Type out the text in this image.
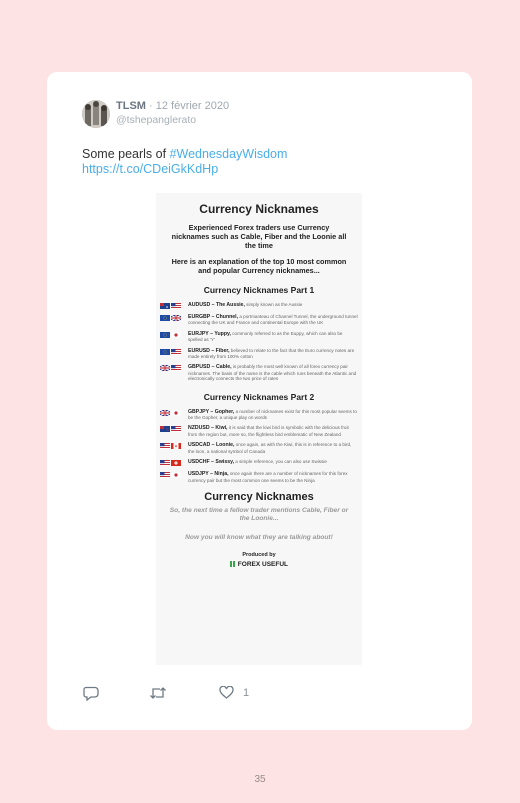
TLSM · 12 février 2020
@tshepanglerato
Some pearls of #WednesdayWisdom
https://t.co/CDeiGkKdHp
Currency Nicknames
Experienced Forex traders use Currency nicknames such as Cable, Fiber and the Loonie all the time
Here is an explanation of the top 10 most common and popular Currency nicknames...
Currency Nicknames Part 1
AUDUSD – The Aussie, simply known as the Aussie
EURGBP – Chunnel, a portmanteau of Channel Tunnel, the underground tunnel connecting the UK and France and continental Europe with the UK
EURJPY – Yuppy, commonly referred to as the Euppy, which can also be spelled as 'Y'
EURUSD – Fiber, believed to relate to the fact that the Euro currency notes are made entirely from 100% cotton
GBPUSD – Cable, is probably the most well known of all forex currency pair nicknames. The basis of the name is the cable which runs beneath the Atlantic and electronically connects the two price of rates
Currency Nicknames Part 2
GBPJPY – Gopher, a number of nicknames exist for this most popular seems to be the Gopher, a unique play on words
NZDUSD – Kiwi, it is said that the kiwi bird is symbolic with the delicious fruit from the region but, more so, the flightless bird emblematic of New Zealand
USDCAD – Loonie, once again, as with the Kiwi, this is in reference to a bird, the loon, a national symbol of Canada
USDCHF – Swissy, a simple reference, you can also use Swissie
USDJPY – Ninja, once again there are a number of nicknames for this forex currency pair but the most common one seems to be the Ninja
Currency Nicknames
So, the next time a fellow trader mentions Cable, Fiber or the Loonie...
Now you will know what they are talking about!
Produced by
FOREX USEFUL
1
35
